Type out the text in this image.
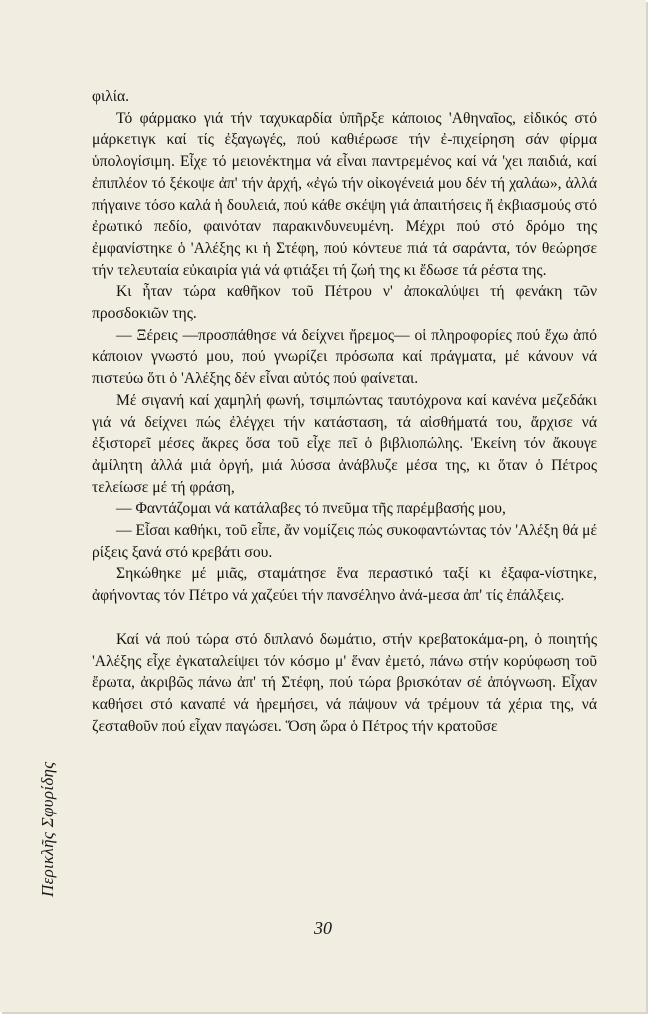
Περικλῆς Σφυρίδης

φιλία.

Τό φάρμακο γιά τήν ταχυκαρδία ὑπῆρξε κάποιος 'Αθηναῖος, εἰδικός στό μάρκετιγκ καί τίς ἐξαγωγές, πού καθιέρωσε τήν ἐ-πιχείρηση σάν φίρμα ὑπολογίσιμη. Εἶχε τό μειονέκτημα νά εἶναι παντρεμένος καί νά 'χει παιδιά, καί ἐπιπλέον τό ξέκοψε ἀπ' τήν ἀρχή, «ἐγώ τήν οἰκογένειά μου δέν τή χαλάω», ἀλλά πήγαινε τόσο καλά ἡ δουλειά, πού κάθε σκέψη γιά ἀπαιτήσεις ἤ ἐκβιασμούς στό ἐρωτικό πεδίο, φαινόταν παρακινδυνευμένη. Μέχρι πού στό δρόμο της ἐμφανίστηκε ὁ 'Αλέξης κι ἡ Στέφη, πού κόντευε πιά τά σαράντα, τόν θεώρησε τήν τελευταία εὐκαιρία γιά νά φτιάξει τή ζωή της κι ἔδωσε τά ρέστα της.

Κι ἦταν τώρα καθῆκον τοῦ Πέτρου ν' ἀποκαλύψει τή φενάκη τῶν προσδοκιῶν της.

— Ξέρεις —προσπάθησε νά δείχνει ἤρεμος— οἱ πληροφορίες πού ἔχω ἀπό κάποιον γνωστό μου, πού γνωρίζει πρόσωπα καί πράγματα, μέ κάνουν νά πιστεύω ὅτι ὁ 'Αλέξης δέν εἶναι αὐτός πού φαίνεται.

Μέ σιγανή καί χαμηλή φωνή, τσιμπώντας ταυτόχρονα καί κανένα μεζεδάκι γιά νά δείχνει πώς ἐλέγχει τήν κατάσταση, τά αἰσθήματά του, ἄρχισε νά ἐξιστορεῖ μέσες ἄκρες ὅσα τοῦ εἶχε πεῖ ὁ βιβλιοπώλης. 'Εκείνη τόν ἄκουγε ἀμίλητη ἀλλά μιά ὀργή, μιά λύσσα ἀνάβλυζε μέσα της, κι ὅταν ὁ Πέτρος τελείωσε μέ τή φράση,

— Φαντάζομαι νά κατάλαβες τό πνεῦμα τῆς παρέμβασής μου,

— Εἶσαι καθήκι, τοῦ εἶπε, ἄν νομίζεις πώς συκοφαντώντας τόν 'Αλέξη θά μέ ρίξεις ξανά στό κρεβάτι σου.

Σηκώθηκε μέ μιᾶς, σταμάτησε ἕνα περαστικό ταξί κι ἐξαφα-νίστηκε, ἀφήνοντας τόν Πέτρο νά χαζεύει τήν πανσέληνο ἀνά-μεσα ἀπ' τίς ἐπάλξεις.

Καί νά πού τώρα στό διπλανό δωμάτιο, στήν κρεβατοκάμα-ρη, ὁ ποιητής 'Αλέξης εἶχε ἐγκαταλείψει τόν κόσμο μ' ἕναν ἐμετό, πάνω στήν κορύφωση τοῦ ἔρωτα, ἀκριβῶς πάνω ἀπ' τή Στέφη, πού τώρα βρισκόταν σέ ἀπόγνωση. Εἶχαν καθήσει στό καναπέ νά ἠρεμήσει, νά πάψουν νά τρέμουν τά χέρια της, νά ζεσταθοῦν πού εἶχαν παγώσει. Ὅση ὥρα ὁ Πέτρος τήν κρατοῦσε

30
